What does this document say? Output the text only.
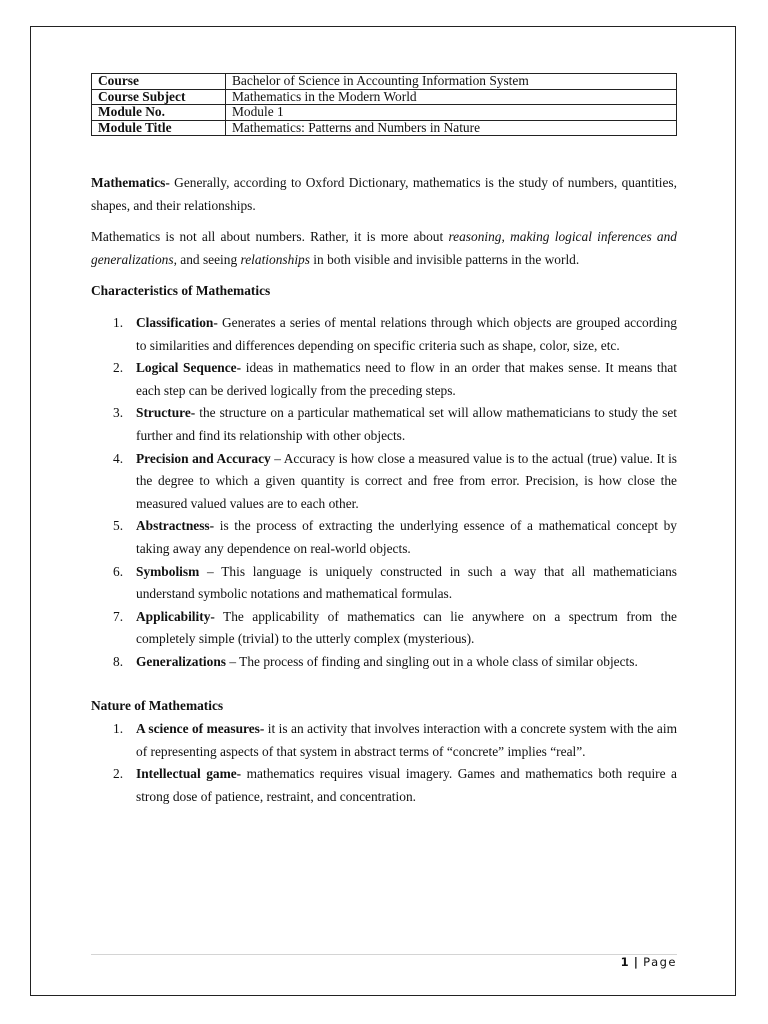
Course	Bachelor of Science in Accounting Information System
Course Subject	Mathematics in the Modern World
Module No.	Module 1
Module Title	Mathematics: Patterns and Numbers in Nature

Mathematics- Generally, according to Oxford Dictionary, mathematics is the study of numbers, quantities, shapes, and their relationships.

Mathematics is not all about numbers. Rather, it is more about reasoning, making logical inferences and generalizations, and seeing relationships in both visible and invisible patterns in the world.

Characteristics of Mathematics
1. Classification- Generates a series of mental relations through which objects are grouped according to similarities and differences depending on specific criteria such as shape, color, size, etc.
2. Logical Sequence- ideas in mathematics need to flow in an order that makes sense. It means that each step can be derived logically from the preceding steps.
3. Structure- the structure on a particular mathematical set will allow mathematicians to study the set further and find its relationship with other objects.
4. Precision and Accuracy – Accuracy is how close a measured value is to the actual (true) value. It is the degree to which a given quantity is correct and free from error. Precision, is how close the measured valued values are to each other.
5. Abstractness- is the process of extracting the underlying essence of a mathematical concept by taking away any dependence on real-world objects.
6. Symbolism – This language is uniquely constructed in such a way that all mathematicians understand symbolic notations and mathematical formulas.
7. Applicability- The applicability of mathematics can lie anywhere on a spectrum from the completely simple (trivial) to the utterly complex (mysterious).
8. Generalizations – The process of finding and singling out in a whole class of similar objects.
Nature of Mathematics
1. A science of measures- it is an activity that involves interaction with a concrete system with the aim of representing aspects of that system in abstract terms of “concrete” implies “real”.
2. Intellectual game- mathematics requires visual imagery. Games and mathematics both require a strong dose of patience, restraint, and concentration.
1 | Page
